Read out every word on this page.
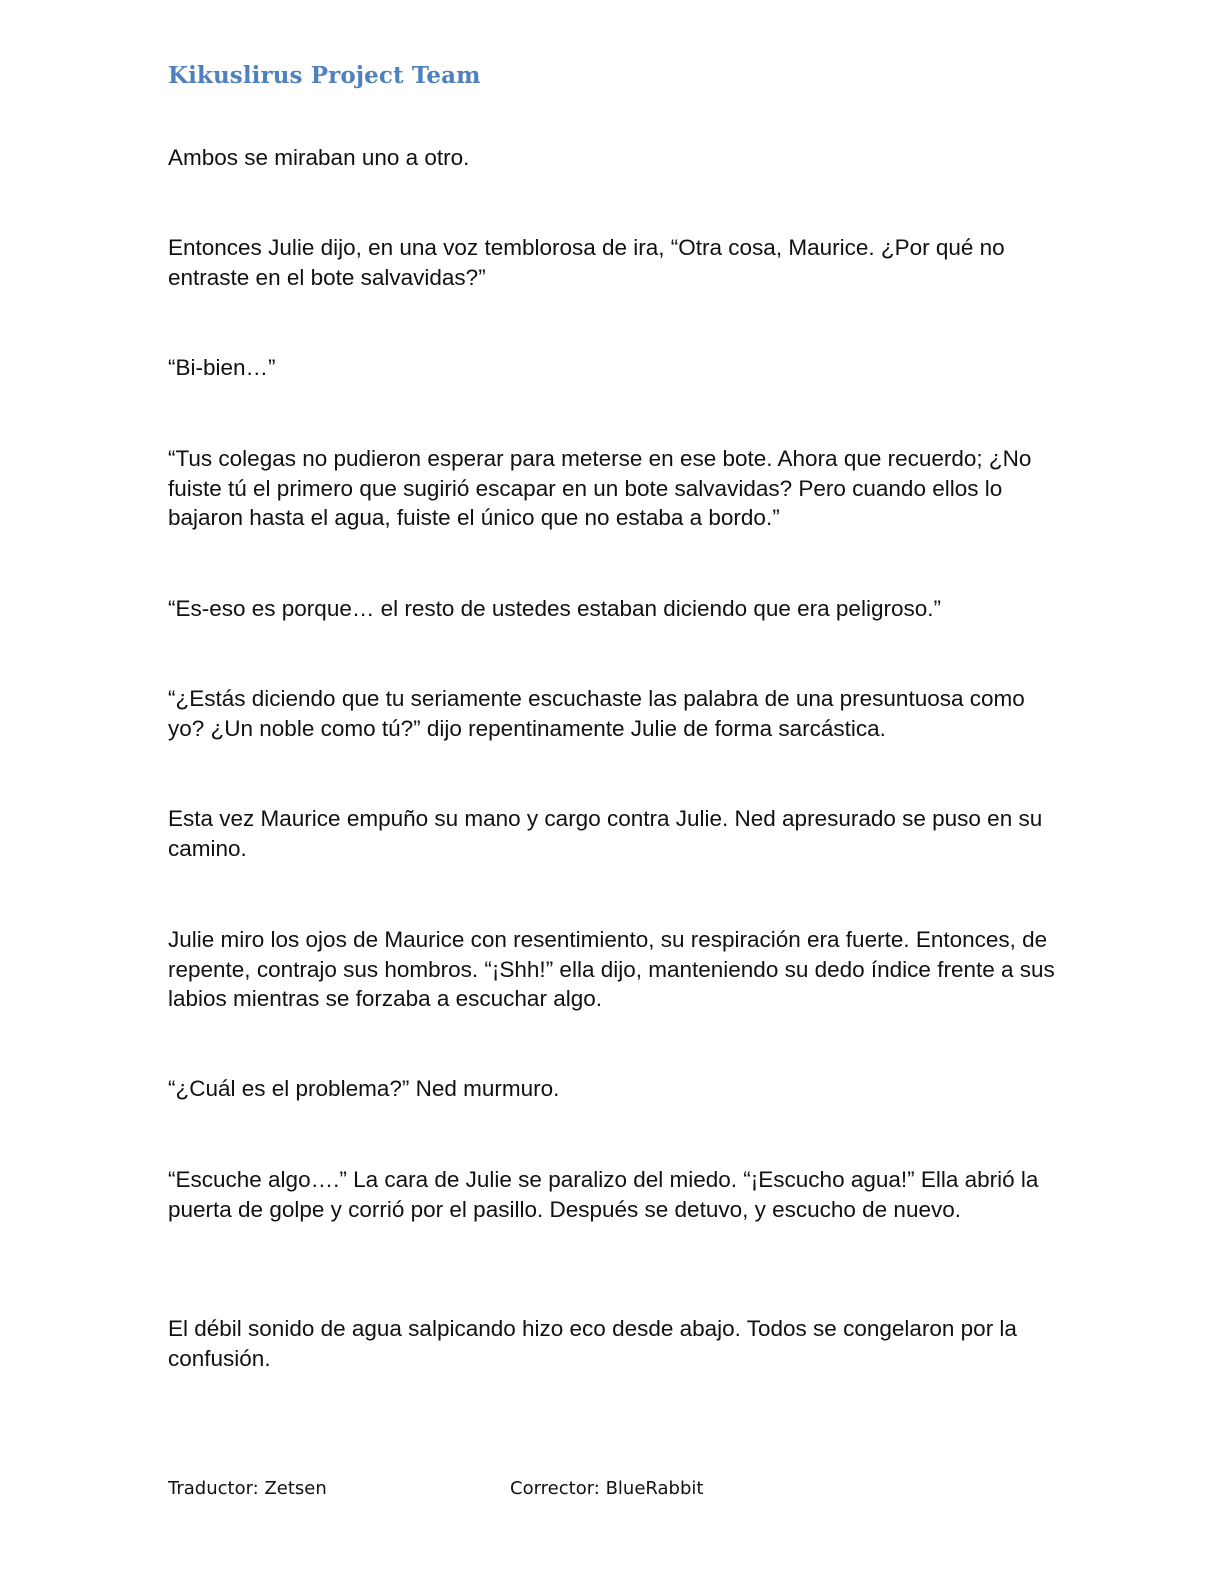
Kikuslirus Project Team

Ambos se miraban uno a otro.

Entonces Julie dijo, en una voz temblorosa de ira, “Otra cosa, Maurice. ¿Por qué no entraste en el bote salvavidas?”

“Bi-bien…”

“Tus colegas no pudieron esperar para meterse en ese bote. Ahora que recuerdo; ¿No fuiste tú el primero que sugirió escapar en un bote salvavidas? Pero cuando ellos lo bajaron hasta el agua, fuiste el único que no estaba a bordo.”

“Es-eso es porque… el resto de ustedes estaban diciendo que era peligroso.”

“¿Estás diciendo que tu seriamente escuchaste las palabra de una presuntuosa como yo? ¿Un noble como tú?” dijo repentinamente Julie de forma sarcástica.

Esta vez Maurice empuño su mano y cargo contra Julie. Ned apresurado se puso en su camino.

Julie miro los ojos de Maurice con resentimiento, su respiración era fuerte. Entonces, de repente, contrajo sus hombros. “¡Shh!” ella dijo, manteniendo su dedo índice frente a sus labios mientras se forzaba a escuchar algo.

“¿Cuál es el problema?” Ned murmuro.

“Escuche algo….” La cara de Julie se paralizo del miedo. “¡Escucho agua!” Ella abrió la puerta de golpe y corrió por el pasillo. Después se detuvo, y escucho de nuevo.

El débil sonido de agua salpicando hizo eco desde abajo. Todos se congelaron por la confusión.

Traductor: Zetsen	Corrector: BlueRabbit
